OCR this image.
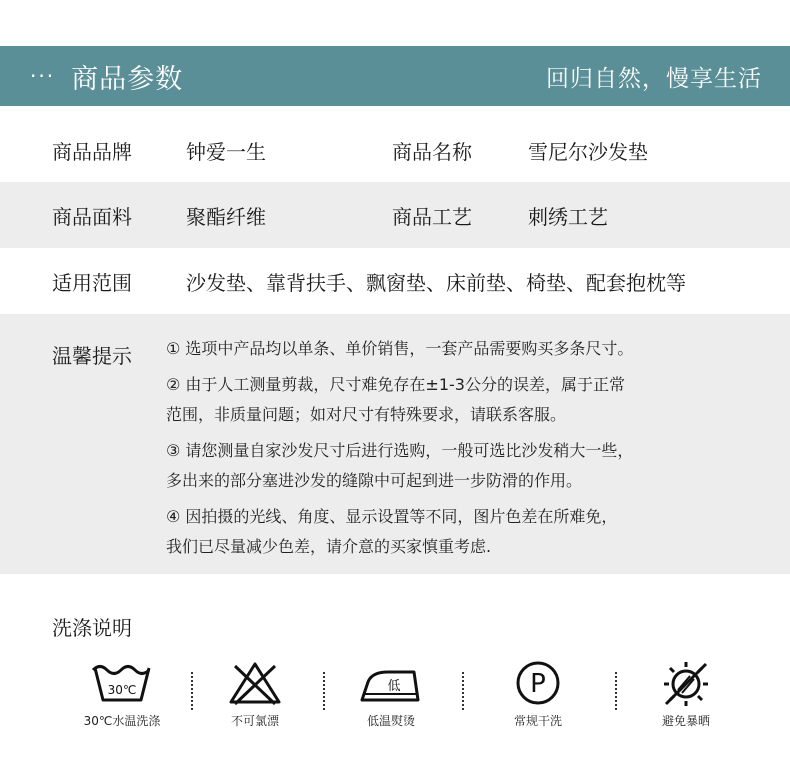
··· 商品参数	回归自然，慢享生活
商品品牌	钟爱一生	商品名称	雪尼尔沙发垫
商品面料	聚酯纤维	商品工艺	刺绣工艺
适用范围	沙发垫、靠背扶手、飘窗垫、床前垫、椅垫、配套抱枕等
温馨提示 ① 选项中产品均以单条、单价销售，一套产品需要购买多条尺寸。
② 由于人工测量剪裁，尺寸难免存在±1-3公分的误差，属于正常
范围，非质量问题；如对尺寸有特殊要求，请联系客服。
③ 请您测量自家沙发尺寸后进行选购，一般可选比沙发稍大一些，
多出来的部分塞进沙发的缝隙中可起到进一步防滑的作用。
④ 因拍摄的光线、角度、显示设置等不同，图片色差在所难免，
我们已尽量减少色差，请介意的买家慎重考虑.
洗涤说明
30℃
30℃水温洗涤	不可氯漂
低
低温熨烫
P
常规干洗	避免暴晒
